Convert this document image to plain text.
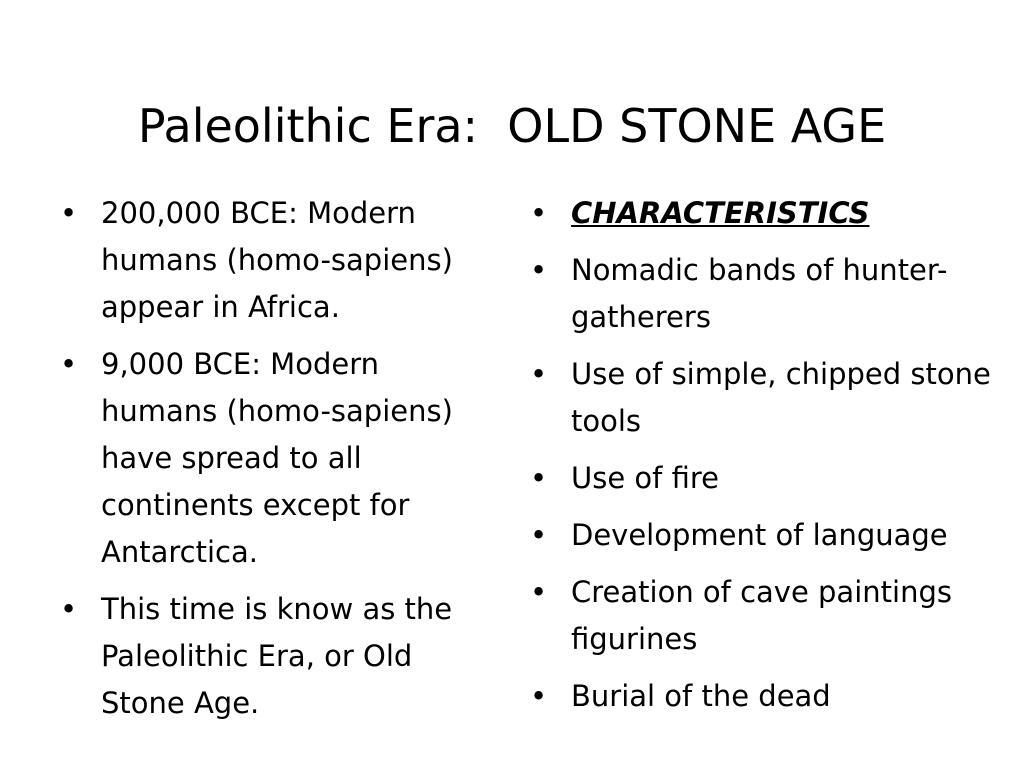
Paleolithic Era:  OLD STONE AGE
• 200,000 BCE: Modern humans (homo-sapiens) appear in Africa.
• 9,000 BCE: Modern humans (homo-sapiens) have spread to all continents except for Antarctica.
• This time is know as the Paleolithic Era, or Old Stone Age.
• CHARACTERISTICS
• Nomadic bands of hunter-gatherers
• Use of simple, chipped stone tools
• Use of fire
• Development of language
• Creation of cave paintings figurines
• Burial of the dead
